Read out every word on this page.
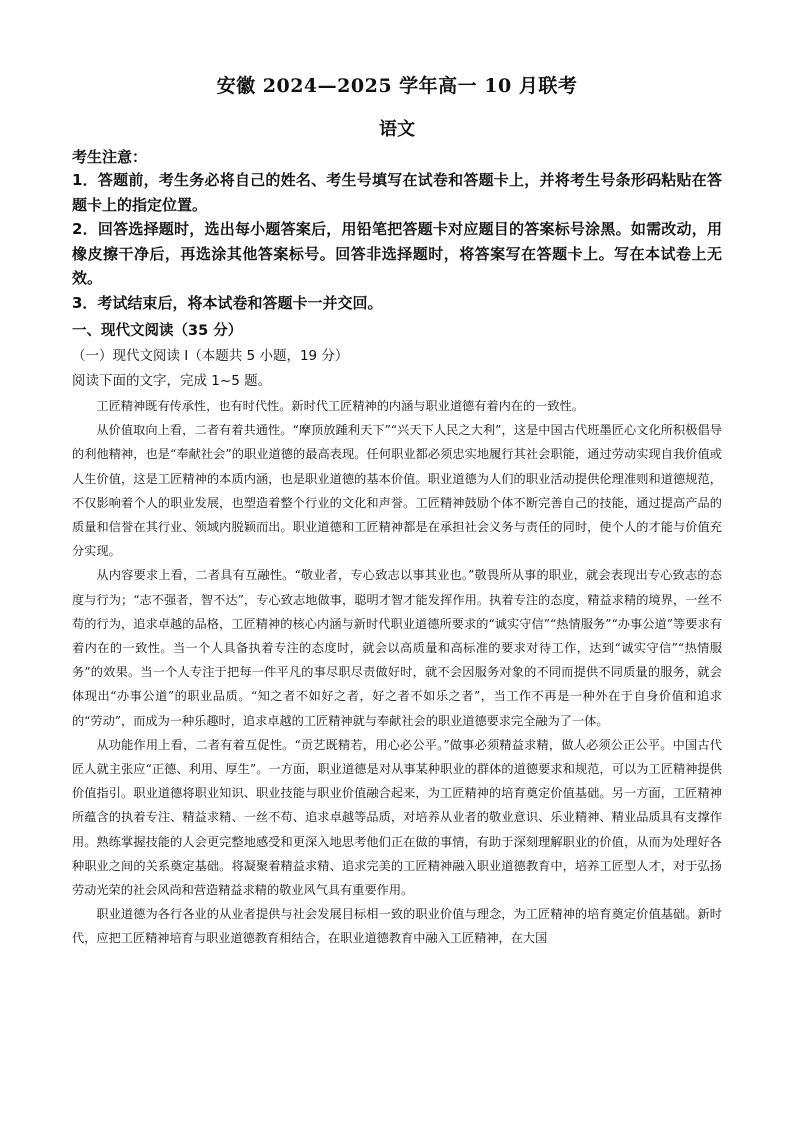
安徽 2024—2025 学年高一 10 月联考
语文
考生注意：
1．答题前，考生务必将自己的姓名、考生号填写在试卷和答题卡上，并将考生号条形码粘贴在答题卡上的指定位置。
2．回答选择题时，选出每小题答案后，用铅笔把答题卡对应题目的答案标号涂黑。如需改动，用橡皮擦干净后，再选涂其他答案标号。回答非选择题时，将答案写在答题卡上。写在本试卷上无效。
3．考试结束后，将本试卷和答题卡一并交回。
一、现代文阅读（35 分）
（一）现代文阅读 I（本题共 5 小题，19 分）
阅读下面的文字，完成 1~5 题。

工匠精神既有传承性，也有时代性。新时代工匠精神的内涵与职业道德有着内在的一致性。

从价值取向上看，二者有着共通性。“摩顶放踵利天下”“兴天下人民之大利”，这是中国古代班墨匠心文化所积极倡导的利他精神，也是“奉献社会”的职业道德的最高表现。任何职业都必须忠实地履行其社会职能，通过劳动实现自我价值或人生价值，这是工匠精神的本质内涵，也是职业道德的基本价值。职业道德为人们的职业活动提供伦理准则和道德规范，不仅影响着个人的职业发展，也塑造着整个行业的文化和声誉。工匠精神鼓励个体不断完善自己的技能，通过提高产品的质量和信誉在其行业、领域内脱颖而出。职业道德和工匠精神都是在承担社会义务与责任的同时，使个人的才能与价值充分实现。

从内容要求上看，二者具有互融性。“敬业者，专心致志以事其业也。”敬畏所从事的职业，就会表现出专心致志的态度与行为；“志不强者，智不达”，专心致志地做事，聪明才智才能发挥作用。执着专注的态度，精益求精的境界，一丝不苟的行为，追求卓越的品格，工匠精神的核心内涵与新时代职业道德所要求的“诚实守信”“热情服务”“办事公道”等要求有着内在的一致性。当一个人具备执着专注的态度时，就会以高质量和高标准的要求对待工作，达到“诚实守信”“热情服务”的效果。当一个人专注于把每一件平凡的事尽职尽责做好时，就不会因服务对象的不同而提供不同质量的服务，就会体现出“办事公道”的职业品质。“知之者不如好之者，好之者不如乐之者”，当工作不再是一种外在于自身价值和追求的“劳动”，而成为一种乐趣时，追求卓越的工匠精神就与奉献社会的职业道德要求完全融为了一体。

从功能作用上看，二者有着互促性。“贡艺既精若，用心必公平。”做事必须精益求精，做人必须公正公平。中国古代匠人就主张应“正德、利用、厚生”。一方面，职业道德是对从事某种职业的群体的道德要求和规范，可以为工匠精神提供价值指引。职业道德将职业知识、职业技能与职业价值融合起来，为工匠精神的培育奠定价值基础。另一方面，工匠精神所蕴含的执着专注、精益求精、一丝不苟、追求卓越等品质，对培养从业者的敬业意识、乐业精神、精业品质具有支撑作用。熟练掌握技能的人会更完整地感受和更深入地思考他们正在做的事情，有助于深刻理解职业的价值，从而为处理好各种职业之间的关系奠定基础。将凝聚着精益求精、追求完美的工匠精神融入职业道德教育中，培养工匠型人才，对于弘扬劳动光荣的社会风尚和营造精益求精的敬业风气具有重要作用。

职业道德为各行各业的从业者提供与社会发展目标相一致的职业价值与理念，为工匠精神的培育奠定价值基础。新时代，应把工匠精神培育与职业道德教育相结合，在职业道德教育中融入工匠精神，在大国
